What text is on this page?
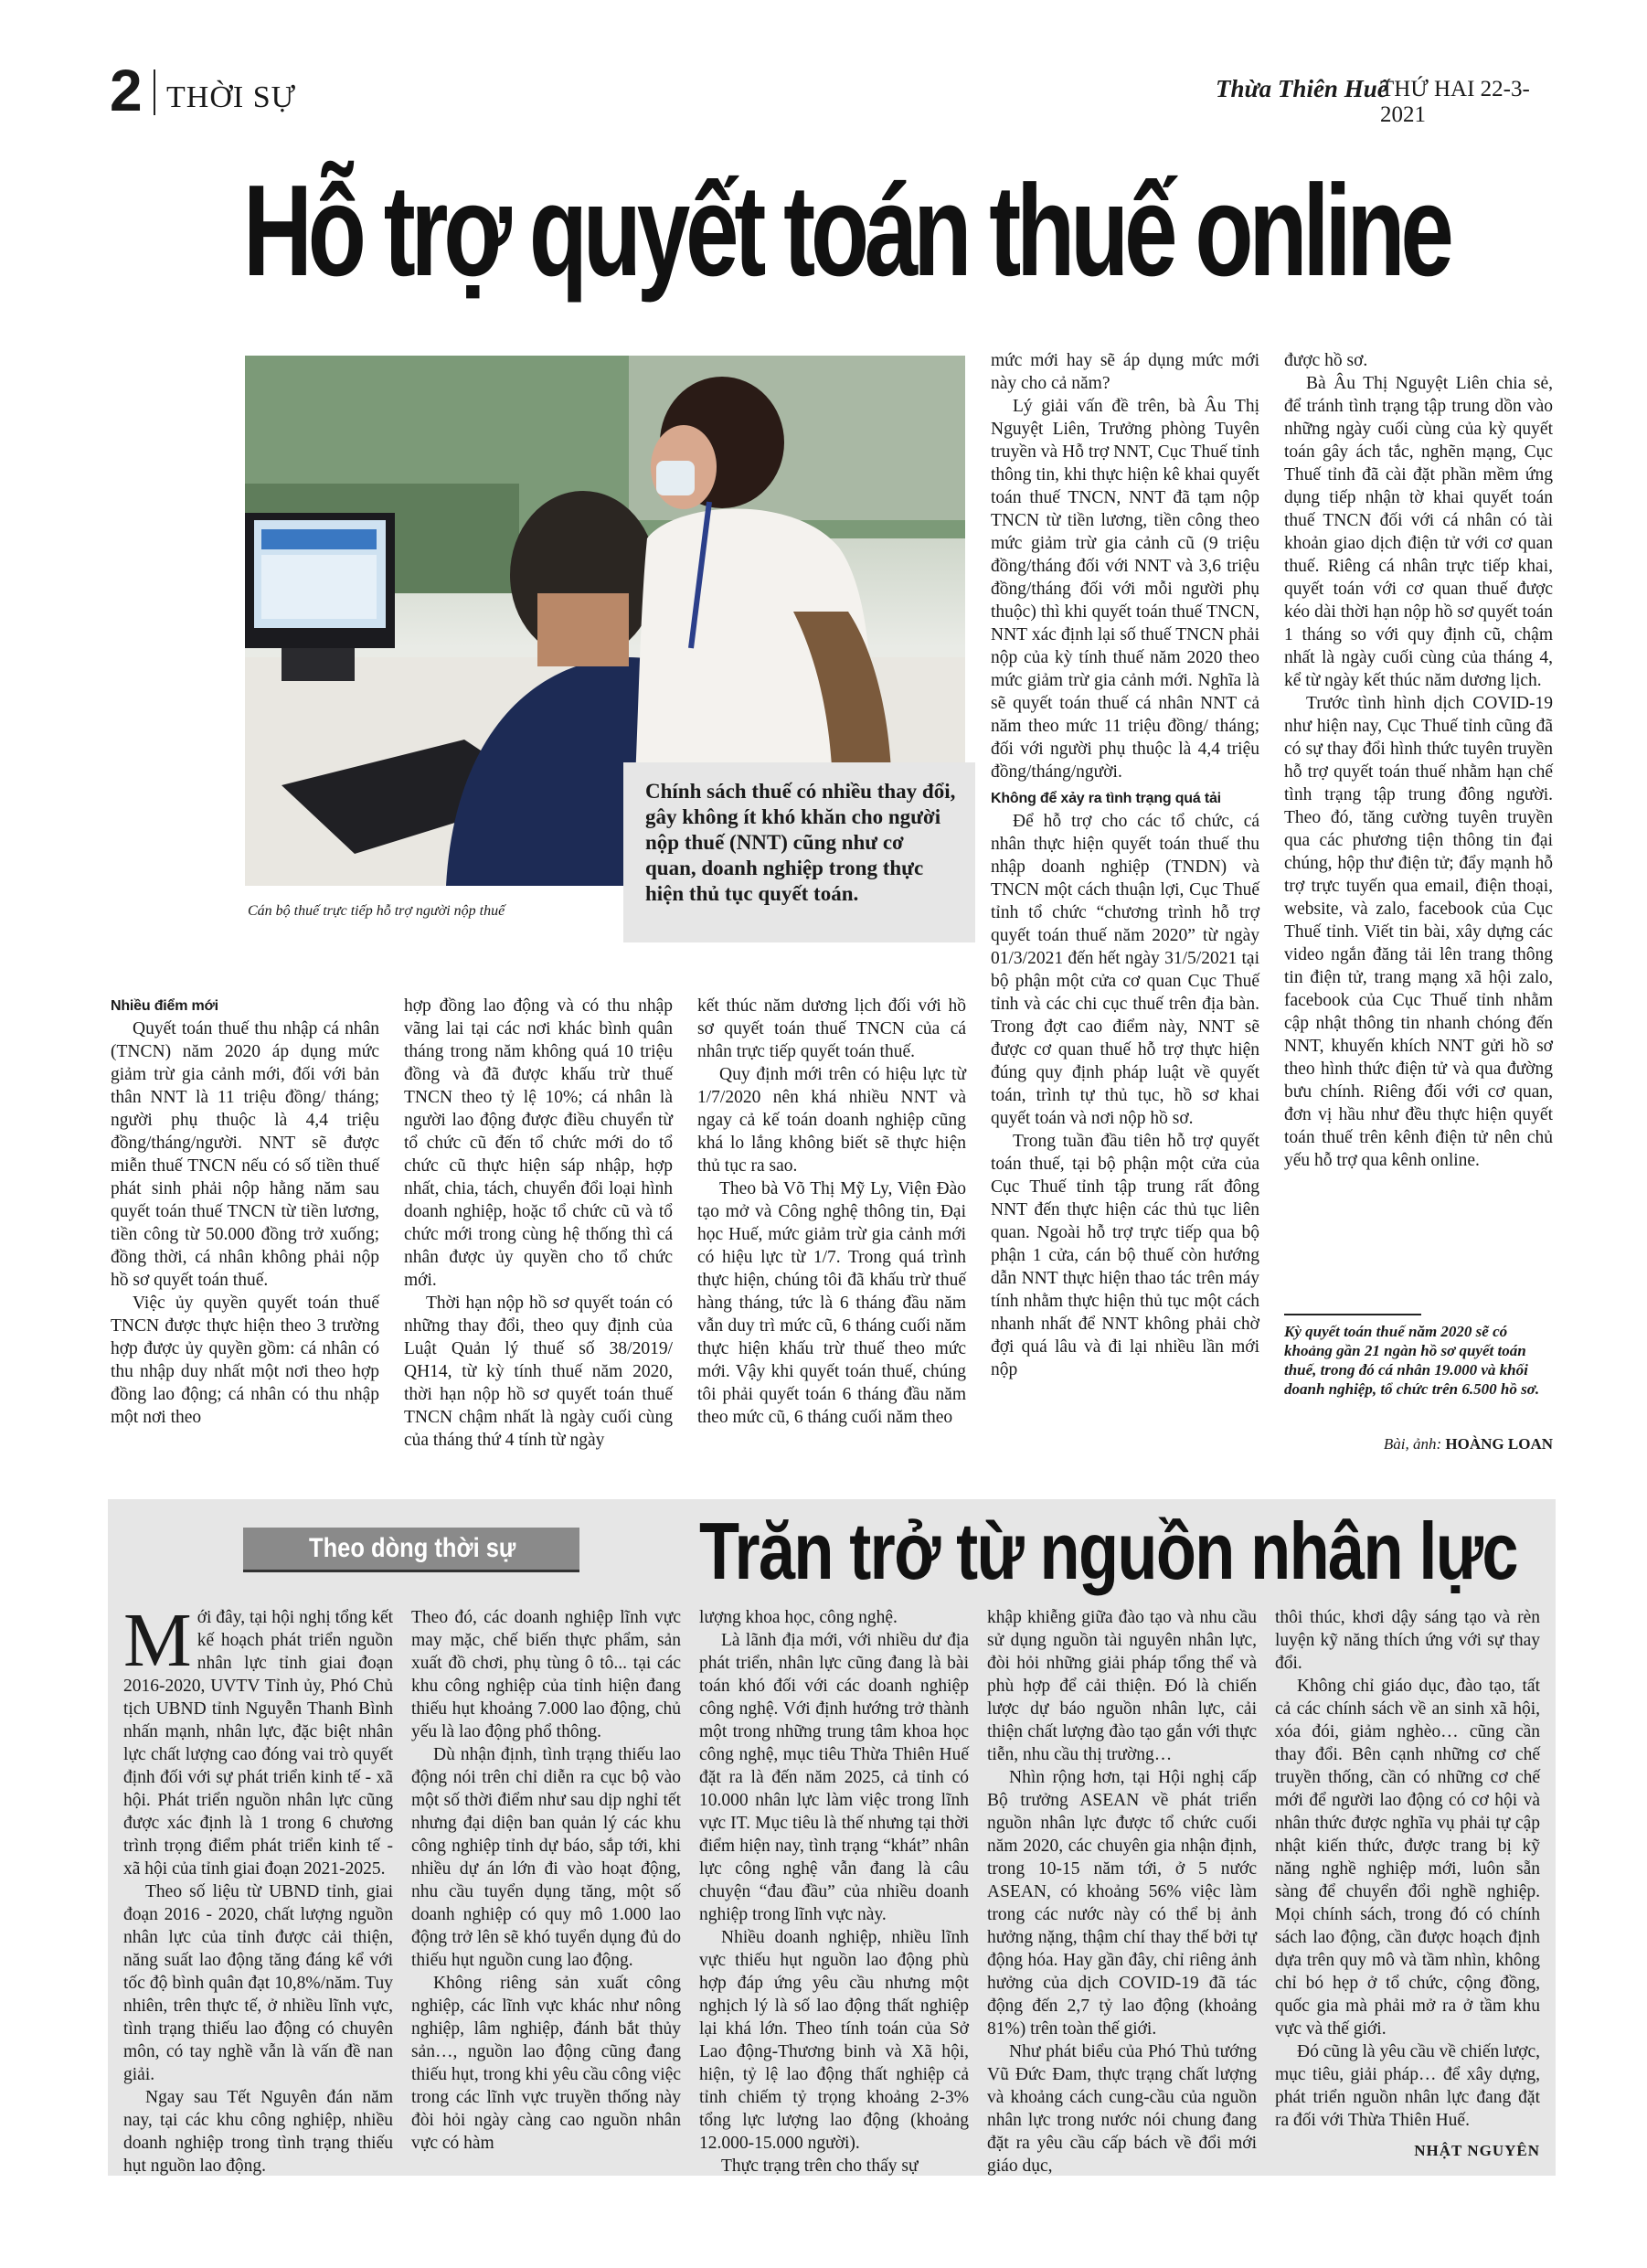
2 THỜI SỰ	Thừa Thiên Huế
THỨ HAI 22-3-2021
Hỗ trợ quyết toán thuế online
Cán bộ thuế trực tiếp hỗ trợ người nộp thuế
Chính sách thuế có nhiều thay đổi, gây không ít khó khăn cho người nộp thuế (NNT) cũng như cơ quan, doanh nghiệp trong thực hiện thủ tục quyết toán.

mức mới hay sẽ áp dụng mức mới này cho cả năm?

Lý giải vấn đề trên, bà Âu Thị Nguyệt Liên, Trưởng phòng Tuyên truyền và Hỗ trợ NNT, Cục Thuế tỉnh thông tin, khi thực hiện kê khai quyết toán thuế TNCN, NNT đã tạm nộp TNCN từ tiền lương, tiền công theo mức giảm trừ gia cảnh cũ (9 triệu đồng/tháng đối với NNT và 3,6 triệu đồng/tháng đối với mỗi người phụ thuộc) thì khi quyết toán thuế TNCN, NNT xác định lại số thuế TNCN phải nộp của kỳ tính thuế năm 2020 theo mức giảm trừ gia cảnh mới. Nghĩa là sẽ quyết toán thuế cá nhân NNT cả năm theo mức 11 triệu đồng/ tháng; đối với người phụ thuộc là 4,4 triệu đồng/tháng/người.

Không để xảy ra tình trạng quá tải

Để hỗ trợ cho các tổ chức, cá nhân thực hiện quyết toán thuế thu nhập doanh nghiệp (TNDN) và TNCN một cách thuận lợi, Cục Thuế tỉnh tổ chức “chương trình hỗ trợ quyết toán thuế năm 2020” từ ngày 01/3/2021 đến hết ngày 31/5/2021 tại bộ phận một cửa cơ quan Cục Thuế tỉnh và các chi cục thuế trên địa bàn. Trong đợt cao điểm này, NNT sẽ được cơ quan thuế hỗ trợ thực hiện đúng quy định pháp luật về quyết toán, trình tự thủ tục, hồ sơ khai quyết toán và nơi nộp hồ sơ.

Trong tuần đầu tiên hỗ trợ quyết toán thuế, tại bộ phận một cửa của Cục Thuế tỉnh tập trung rất đông NNT đến thực hiện các thủ tục liên quan. Ngoài hỗ trợ trực tiếp qua bộ phận 1 cửa, cán bộ thuế còn hướng dẫn NNT thực hiện thao tác trên máy tính nhằm thực hiện thủ tục một cách nhanh nhất để NNT không phải chờ đợi quá lâu và đi lại nhiều lần mới nộp

được hồ sơ.

Bà Âu Thị Nguyệt Liên chia sẻ, để tránh tình trạng tập trung dồn vào những ngày cuối cùng của kỳ quyết toán gây ách tắc, nghẽn mạng, Cục Thuế tỉnh đã cài đặt phần mềm ứng dụng tiếp nhận tờ khai quyết toán thuế TNCN đối với cá nhân có tài khoản giao dịch điện tử với cơ quan thuế. Riêng cá nhân trực tiếp khai, quyết toán với cơ quan thuế được kéo dài thời hạn nộp hồ sơ quyết toán 1 tháng so với quy định cũ, chậm nhất là ngày cuối cùng của tháng 4, kể từ ngày kết thúc năm dương lịch.

Trước tình hình dịch COVID-19 như hiện nay, Cục Thuế tỉnh cũng đã có sự thay đổi hình thức tuyên truyền hỗ trợ quyết toán thuế nhằm hạn chế tình trạng tập trung đông người. Theo đó, tăng cường tuyên truyền qua các phương tiện thông tin đại chúng, hộp thư điện tử; đẩy mạnh hỗ trợ trực tuyến qua email, điện thoại, website, và zalo, facebook của Cục Thuế tỉnh. Viết tin bài, xây dựng các video ngắn đăng tải lên trang thông tin điện tử, trang mạng xã hội zalo, facebook của Cục Thuế tỉnh nhằm cập nhật thông tin nhanh chóng đến NNT, khuyến khích NNT gửi hồ sơ theo hình thức điện tử và qua đường bưu chính. Riêng đối với cơ quan, đơn vị hầu như đều thực hiện quyết toán thuế trên kênh điện tử nên chủ yếu hỗ trợ qua kênh online.

Kỳ quyết toán thuế năm 2020 sẽ có khoảng gần 21 ngàn hồ sơ quyết toán thuế, trong đó cá nhân 19.000 và khối doanh nghiệp, tổ chức trên 6.500 hồ sơ.
Bài, ảnh: HOÀNG LOAN

Nhiều điểm mới

Quyết toán thuế thu nhập cá nhân (TNCN) năm 2020 áp dụng mức giảm trừ gia cảnh mới, đối với bản thân NNT là 11 triệu đồng/ tháng; người phụ thuộc là 4,4 triệu đồng/tháng/người. NNT sẽ được miễn thuế TNCN nếu có số tiền thuế phát sinh phải nộp hằng năm sau quyết toán thuế TNCN từ tiền lương, tiền công từ 50.000 đồng trở xuống; đồng thời, cá nhân không phải nộp hồ sơ quyết toán thuế.

Việc ủy quyền quyết toán thuế TNCN được thực hiện theo 3 trường hợp được ủy quyền gồm: cá nhân có thu nhập duy nhất một nơi theo hợp đồng lao động; cá nhân có thu nhập một nơi theo

hợp đồng lao động và có thu nhập vãng lai tại các nơi khác bình quân tháng trong năm không quá 10 triệu đồng và đã được khấu trừ thuế TNCN theo tỷ lệ 10%; cá nhân là người lao động được điều chuyển từ tổ chức cũ đến tổ chức mới do tổ chức cũ thực hiện sáp nhập, hợp nhất, chia, tách, chuyển đổi loại hình doanh nghiệp, hoặc tổ chức cũ và tổ chức mới trong cùng hệ thống thì cá nhân được ủy quyền cho tổ chức mới.

Thời hạn nộp hồ sơ quyết toán có những thay đổi, theo quy định của Luật Quản lý thuế số 38/2019/ QH14, từ kỳ tính thuế năm 2020, thời hạn nộp hồ sơ quyết toán thuế TNCN chậm nhất là ngày cuối cùng của tháng thứ 4 tính từ ngày

kết thúc năm dương lịch đối với hồ sơ quyết toán thuế TNCN của cá nhân trực tiếp quyết toán thuế.

Quy định mới trên có hiệu lực từ 1/7/2020 nên khá nhiều NNT và ngay cả kế toán doanh nghiệp cũng khá lo lắng không biết sẽ thực hiện thủ tục ra sao.

Theo bà Võ Thị Mỹ Ly, Viện Đào tạo mở và Công nghệ thông tin, Đại học Huế, mức giảm trừ gia cảnh mới có hiệu lực từ 1/7. Trong quá trình thực hiện, chúng tôi đã khấu trừ thuế hàng tháng, tức là 6 tháng đầu năm vẫn duy trì mức cũ, 6 tháng cuối năm thực hiện khấu trừ thuế theo mức mới. Vậy khi quyết toán thuế, chúng tôi phải quyết toán 6 tháng đầu năm theo mức cũ, 6 tháng cuối năm theo

Theo dòng thời sự Trăn trở từ nguồn nhân lực

Mới đây, tại hội nghị tổng kết kế hoạch phát triển nguồn nhân lực tỉnh giai đoạn 2016-2020, UVTV Tỉnh ủy, Phó Chủ tịch UBND tỉnh Nguyễn Thanh Bình nhấn mạnh, nhân lực, đặc biệt nhân lực chất lượng cao đóng vai trò quyết định đối với sự phát triển kinh tế - xã hội. Phát triển nguồn nhân lực cũng được xác định là 1 trong 6 chương trình trọng điểm phát triển kinh tế - xã hội của tỉnh giai đoạn 2021-2025.

Theo số liệu từ UBND tỉnh, giai đoạn 2016 - 2020, chất lượng nguồn nhân lực của tỉnh được cải thiện, năng suất lao động tăng đáng kể với tốc độ bình quân đạt 10,8%/năm. Tuy nhiên, trên thực tế, ở nhiều lĩnh vực, tình trạng thiếu lao động có chuyên môn, có tay nghề vẫn là vấn đề nan giải.

Ngay sau Tết Nguyên đán năm nay, tại các khu công nghiệp, nhiều doanh nghiệp trong tình trạng thiếu hụt nguồn lao động.

Theo đó, các doanh nghiệp lĩnh vực may mặc, chế biến thực phẩm, sản xuất đồ chơi, phụ tùng ô tô... tại các khu công nghiệp của tỉnh hiện đang thiếu hụt khoảng 7.000 lao động, chủ yếu là lao động phổ thông.

Dù nhận định, tình trạng thiếu lao động nói trên chỉ diễn ra cục bộ vào một số thời điểm như sau dịp nghỉ tết nhưng đại diện ban quản lý các khu công nghiệp tỉnh dự báo, sắp tới, khi nhiều dự án lớn đi vào hoạt động, nhu cầu tuyển dụng tăng, một số doanh nghiệp có quy mô 1.000 lao động trở lên sẽ khó tuyển dụng đủ do thiếu hụt nguồn cung lao động.

Không riêng sản xuất công nghiệp, các lĩnh vực khác như nông nghiệp, lâm nghiệp, đánh bắt thủy sản…, nguồn lao động cũng đang thiếu hụt, trong khi yêu cầu công việc trong các lĩnh vực truyền thống này đòi hỏi ngày càng cao nguồn nhân vực có hàm

lượng khoa học, công nghệ.

Là lãnh địa mới, với nhiều dư địa phát triển, nhân lực cũng đang là bài toán khó đối với các doanh nghiệp công nghệ. Với định hướng trở thành một trong những trung tâm khoa học công nghệ, mục tiêu Thừa Thiên Huế đặt ra là đến năm 2025, cả tỉnh có 10.000 nhân lực làm việc trong lĩnh vực IT. Mục tiêu là thế nhưng tại thời điểm hiện nay, tình trạng “khát” nhân lực công nghệ vẫn đang là câu chuyện “đau đầu” của nhiều doanh nghiệp trong lĩnh vực này.

Nhiều doanh nghiệp, nhiều lĩnh vực thiếu hụt nguồn lao động phù hợp đáp ứng yêu cầu nhưng một nghịch lý là số lao động thất nghiệp lại khá lớn. Theo tính toán của Sở Lao động-Thương binh và Xã hội, hiện, tỷ lệ lao động thất nghiệp cả tỉnh chiếm tỷ trọng khoảng 2-3% tổng lực lượng lao động (khoảng 12.000-15.000 người).

Thực trạng trên cho thấy sự

khập khiễng giữa đào tạo và nhu cầu sử dụng nguồn tài nguyên nhân lực, đòi hỏi những giải pháp tổng thể và phù hợp để cải thiện. Đó là chiến lược dự báo nguồn nhân lực, cải thiện chất lượng đào tạo gắn với thực tiễn, nhu cầu thị trường…

Nhìn rộng hơn, tại Hội nghị cấp Bộ trưởng ASEAN về phát triển nguồn nhân lực được tổ chức cuối năm 2020, các chuyên gia nhận định, trong 10-15 năm tới, ở 5 nước ASEAN, có khoảng 56% việc làm trong các nước này có thể bị ảnh hưởng nặng, thậm chí thay thế bởi tự động hóa. Hay gần đây, chỉ riêng ảnh hưởng của dịch COVID-19 đã tác động đến 2,7 tỷ lao động (khoảng 81%) trên toàn thế giới.

Như phát biểu của Phó Thủ tướng Vũ Đức Đam, thực trạng chất lượng và khoảng cách cung-cầu của nguồn nhân lực trong nước nói chung đang đặt ra yêu cầu cấp bách về đổi mới giáo dục,

thôi thúc, khơi dậy sáng tạo và rèn luyện kỹ năng thích ứng với sự thay đổi.

Không chỉ giáo dục, đào tạo, tất cả các chính sách về an sinh xã hội, xóa đói, giảm nghèo… cũng cần thay đổi. Bên cạnh những cơ chế truyền thống, cần có những cơ chế mới để người lao động có cơ hội và nhân thức được nghĩa vụ phải tự cập nhật kiến thức, được trang bị kỹ năng nghề nghiệp mới, luôn sẵn sàng để chuyển đổi nghề nghiệp. Mọi chính sách, trong đó có chính sách lao động, cần được hoạch định dựa trên quy mô và tầm nhìn, không chỉ bó hẹp ở tổ chức, cộng đồng, quốc gia mà phải mở ra ở tầm khu vực và thế giới.

Đó cũng là yêu cầu về chiến lược, mục tiêu, giải pháp… để xây dựng, phát triển nguồn nhân lực đang đặt ra đối với Thừa Thiên Huế.

NHẬT NGUYÊN
